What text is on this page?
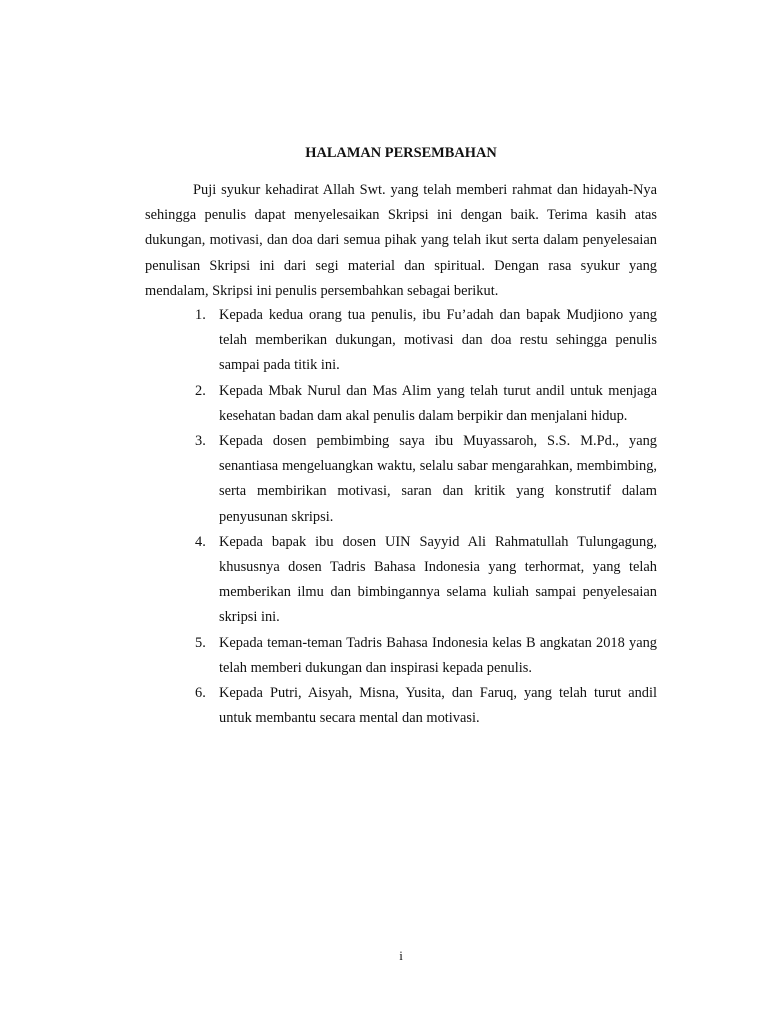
HALAMAN PERSEMBAHAN

Puji syukur kehadirat Allah Swt. yang telah memberi rahmat dan hidayah-Nya sehingga penulis dapat menyelesaikan Skripsi ini dengan baik. Terima kasih atas dukungan, motivasi, dan doa dari semua pihak yang telah ikut serta dalam penyelesaian penulisan Skripsi ini dari segi material dan spiritual. Dengan rasa syukur yang mendalam, Skripsi ini penulis persembahkan sebagai berikut.

1. Kepada kedua orang tua penulis, ibu Fu’adah dan bapak Mudjiono yang telah memberikan dukungan, motivasi dan doa restu sehingga penulis sampai pada titik ini.
2. Kepada Mbak Nurul dan Mas Alim yang telah turut andil untuk menjaga kesehatan badan dam akal penulis dalam berpikir dan menjalani hidup.
3. Kepada dosen pembimbing saya ibu Muyassaroh, S.S. M.Pd., yang senantiasa mengeluangkan waktu, selalu sabar mengarahkan, membimbing, serta membirikan motivasi, saran dan kritik yang konstrutif dalam penyusunan skripsi.
4. Kepada bapak ibu dosen UIN Sayyid Ali Rahmatullah Tulungagung, khususnya dosen Tadris Bahasa Indonesia yang terhormat, yang telah memberikan ilmu dan bimbingannya selama kuliah sampai penyelesaian skripsi ini.
5. Kepada teman-teman Tadris Bahasa Indonesia kelas B angkatan 2018 yang telah memberi dukungan dan inspirasi kepada penulis.
6. Kepada Putri, Aisyah, Misna, Yusita, dan Faruq, yang telah turut andil untuk membantu secara mental dan motivasi.

i
